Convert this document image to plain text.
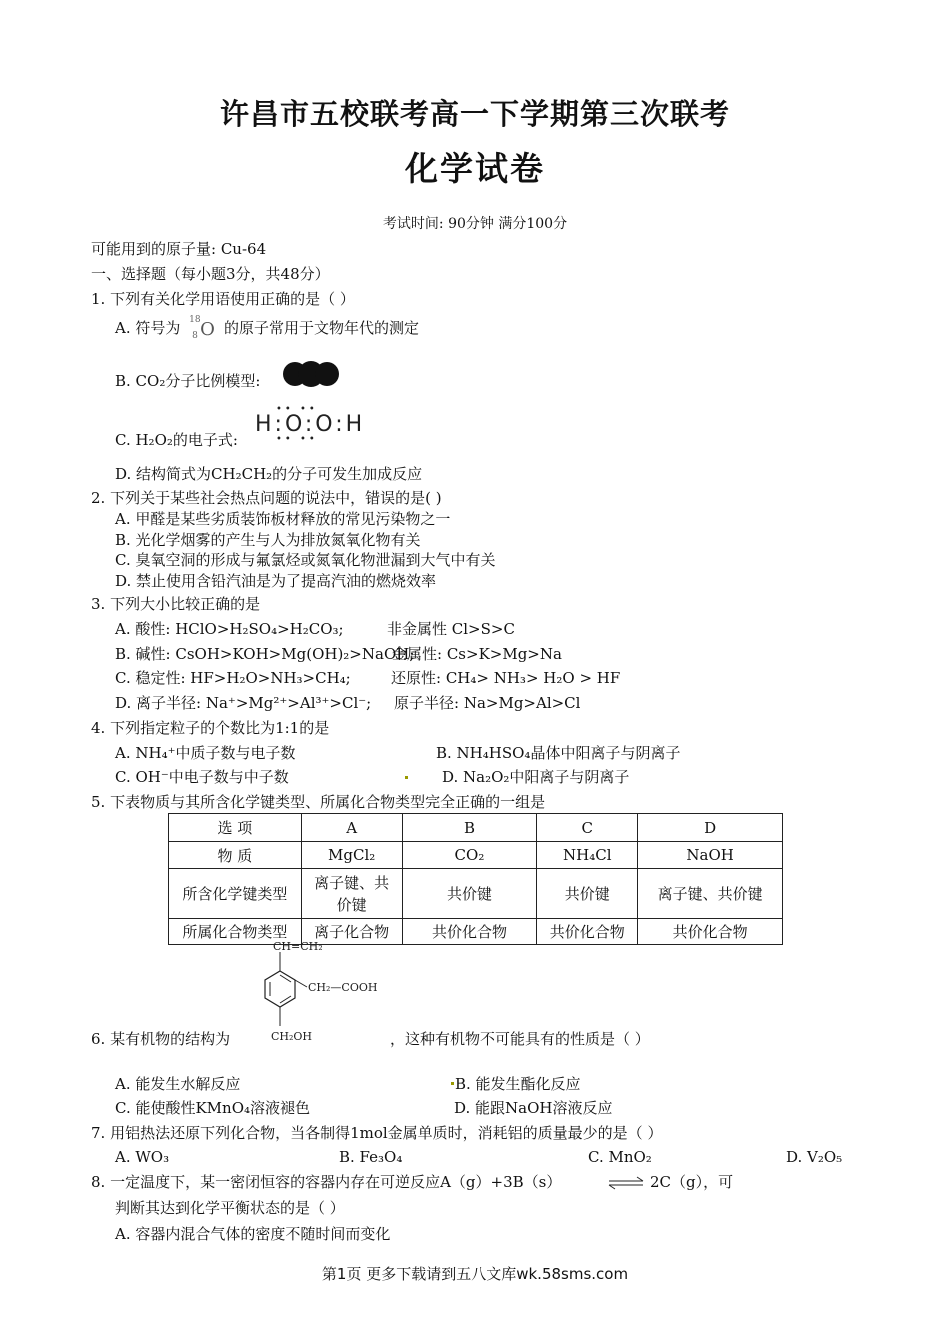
许昌市五校联考高一下学期第三次联考
化学试卷
考试时间: 90分钟 满分100分
可能用到的原子量: Cu-64
一、选择题（每小题3分，共48分）
1. 下列有关化学用语使用正确的是（ ）
A. 符号为 18
8 O 的原子常用于文物年代的测定
B. CO₂分子比例模型:
C. H₂O₂的电子式:
H:O:O:H
•• ••
•• ••
D. 结构简式为CH₂CH₂的分子可发生加成反应
2. 下列关于某些社会热点问题的说法中，错误的是( )
A. 甲醛是某些劣质装饰板材释放的常见污染物之一
B. 光化学烟雾的产生与人为排放氮氧化物有关
C. 臭氧空洞的形成与氟氯烃或氮氧化物泄漏到大气中有关
D. 禁止使用含铅汽油是为了提高汽油的燃烧效率
3. 下列大小比较正确的是
A. 酸性: HClO>H₂SO₄>H₂CO₃;	非金属性 Cl>S>C
B. 碱性: CsOH>KOH>Mg(OH)₂>NaOH;
金属性: Cs>K>Mg>Na
C. 稳定性: HF>H₂O>NH₃>CH₄;	还原性: CH₄> NH₃> H₂O > HF
D. 离子半径: Na⁺>Mg²⁺>Al³⁺>Cl⁻; 原子半径: Na>Mg>Al>Cl
4. 下列指定粒子的个数比为1:1的是
A. NH₄⁺中质子数与电子数	B. NH₄HSO₄晶体中阳离子与阴离子
C. OH⁻中电子数与中子数	D. Na₂O₂中阳离子与阴离子
5. 下表物质与其所含化学键类型、所属化合物类型完全正确的一组是
选 项	A	B	C	D
物 质	MgCl₂	CO₂	NH₄Cl	NaOH
所含化学键类型	离子键、共价键	共价键	共价键	离子键、共价键
所属化合物类型	离子化合物	共价化合物	共价化合物	共价化合物
CH=CH₂
CH₂—COOH
CH₂OH
6. 某有机物的结构为	，这种有机物不可能具有的性质是（ ）
A. 能发生水解反应	B. 能发生酯化反应
C. 能使酸性KMnO₄溶液褪色	D. 能跟NaOH溶液反应
7. 用铝热法还原下列化合物，当各制得1mol金属单质时，消耗铝的质量最少的是（ ）
A. WO₃	B. Fe₃O₄	C. MnO₂	D. V₂O₅
8. 一定温度下，某一密闭恒容的容器内存在可逆反应A（g）+3B（s）	⇌ 2C（g），可
判断其达到化学平衡状态的是（ ）
A. 容器内混合气体的密度不随时间而变化
第1页 更多下载请到五八文库wk.58sms.com
